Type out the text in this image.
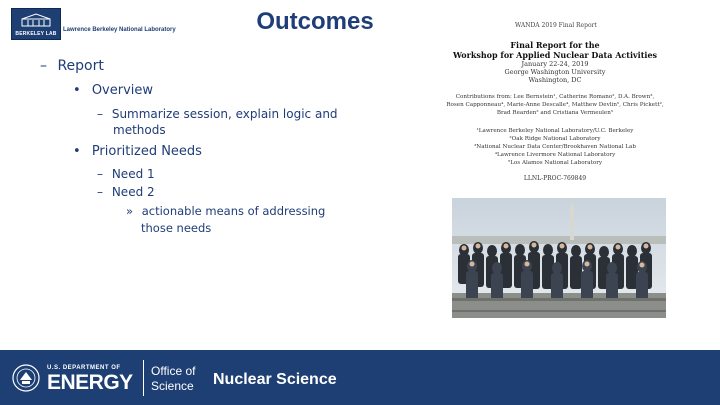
BERKELEY LAB
Lawrence Berkeley National Laboratory	Outcomes
– Report
• Overview
– Summarize session, explain logic and
methods
• Prioritized Needs
– Need 1
– Need 2
» actionable means of addressing
those needs
WANDA 2019 Final Report
Final Report for the
Workshop for Applied Nuclear Data Activities
January 22-24, 2019
George Washington University
Washington, DC
Contributions from: Lee Bernstein¹, Catherine Romano², D.A. Brown³,
Rosen Capponneau⁴, Marie-Anne Descalle⁴, Matthew Devlin⁵, Chris Pickett²,
Brad Rearden² and Cristiana Vermeulen⁵
¹Lawrence Berkeley National Laboratory/U.C. Berkeley
²Oak Ridge National Laboratory
³National Nuclear Data Center/Brookhaven National Lab
⁴Lawrence Livermore National Laboratory
⁵Los Alamos National Laboratory
LLNL-PROC-769849
U.S. DEPARTMENT OF
ENERGY Office of
Science Nuclear Science
